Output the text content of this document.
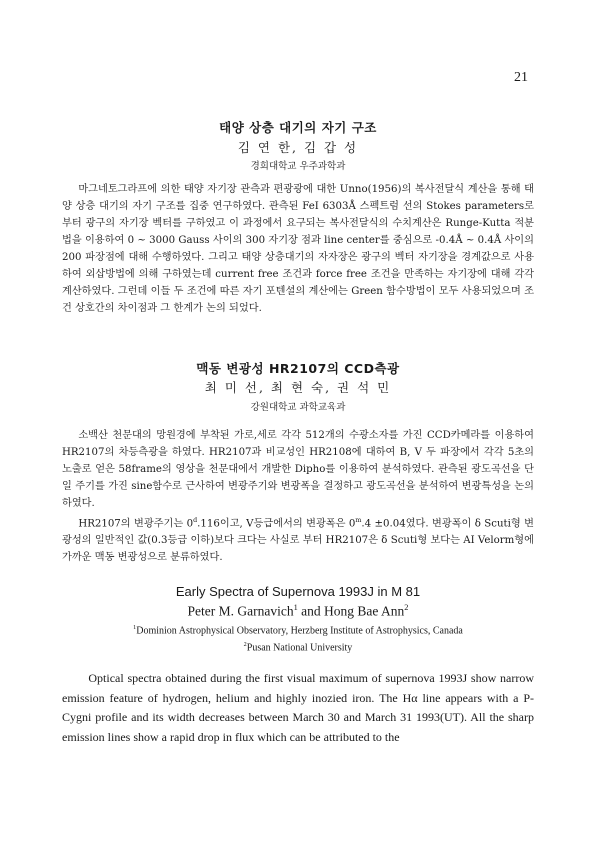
21
태양 상층 대기의 자기 구조
김 연 한, 김 갑 성
경희대학교 우주과학과

마그네토그라프에 의한 태양 자기장 관측과 편광광에 대한 Unno(1956)의 복사전달식 계산을 통해 태양 상층 대기의 자기 구조를 집중 연구하였다. 관측된 FeI 6303Å 스펙트럼 선의 Stokes parameters로 부터 광구의 자기장 벡터를 구하였고 이 과정에서 요구되는 복사전달식의 수치계산은 Runge-Kutta 적분법을 이용하여 0 ~ 3000 Gauss 사이의 300 자기장 점과 line center를 중심으로 -0.4Å ~ 0.4Å 사이의 200 파장점에 대해 수행하였다. 그리고 태양 상층대기의 자자장은 광구의 벡터 자기장을 경계값으로 사용하여 외삽방법에 의해 구하였는데 current free 조건과 force free 조건을 만족하는 자기장에 대해 각각 계산하였다. 그런데 이들 두 조건에 따른 자기 포텐셜의 계산에는 Green 함수방법이 모두 사용되었으며 조건 상호간의 차이점과 그 한계가 논의 되었다.

맥동 변광성 HR2107의 CCD측광
최 미 선, 최 현 숙, 권 석 민
강원대학교 과학교육과

소백산 천문대의 망원경에 부착된 가로,세로 각각 512개의 수광소자를 가진 CCD카메라를 이용하여 HR2107의 차등측광을 하였다. HR2107과 비교성인 HR2108에 대하여 B, V 두 파장에서 각각 5초의 노출로 얻은 58frame의 영상을 천문대에서 개발한 Dipho를 이용하여 분석하였다. 관측된 광도곡선을 단일 주기를 가진 sine함수로 근사하여 변광주기와 변광폭을 결정하고 광도곡선을 분석하여 변광특성을 논의하였다.

HR2107의 변광주기는 0$^d$.116이고, V등급에서의 변광폭은 $0^m.4 \pm 0.04$였다. 변광폭이 δ Scuti형 변광성의 일반적인 값(0.3등급 이하)보다 크다는 사실로 부터 HR2107은 δ Scuti형 보다는 AI Velorm형에 가까운 맥동 변광성으로 분류하였다.

Early Spectra of Supernova 1993J in M 81
Peter M. Garnavich$^1$ and Hong Bae Ann$^2$
$^1$Dominion Astrophysical Observatory, Herzberg Institute of Astrophysics, Canada
$^2$Pusan National University

Optical spectra obtained during the first visual maximum of supernova 1993J show narrow emission feature of hydrogen, helium and highly inozied iron. The Hα line appears with a P-Cygni profile and its width decreases between March 30 and March 31 1993(UT). All the sharp emission lines show a rapid drop in flux which can be attributed to the
